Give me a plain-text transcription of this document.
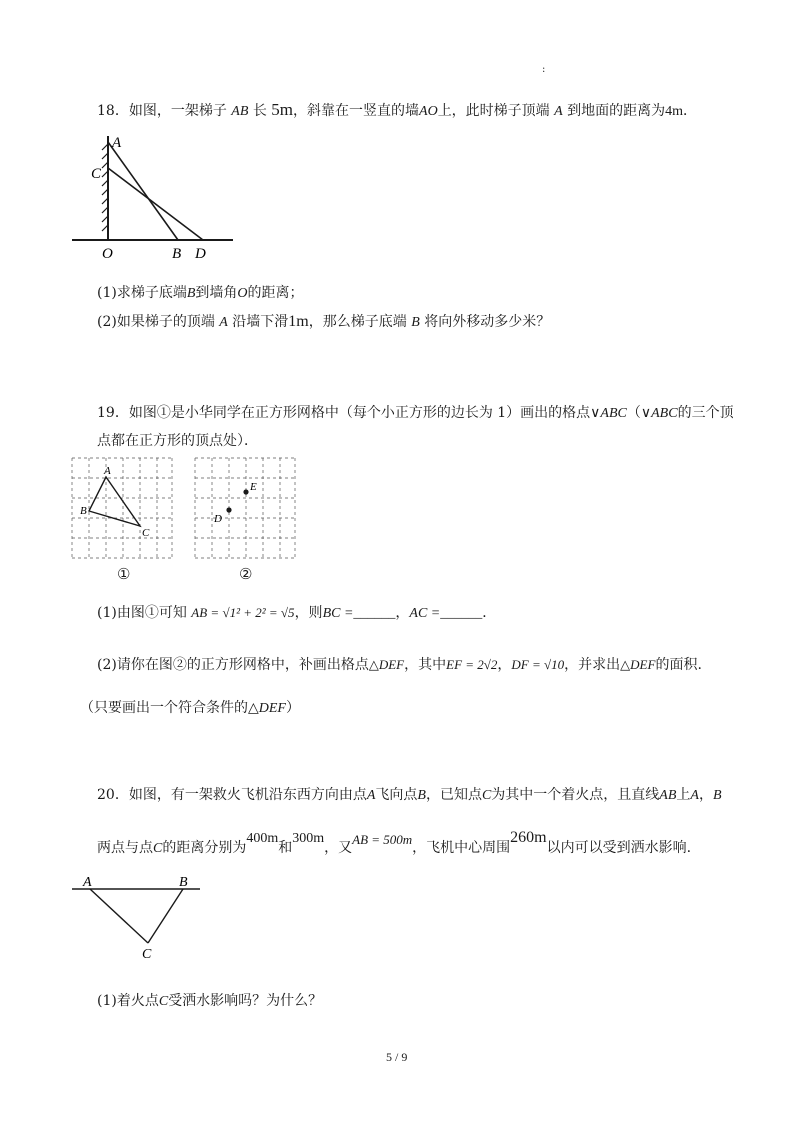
:
18．如图，一架梯子 AB 长 5m，斜靠在一竖直的墙AO上，此时梯子顶端 A 到地面的距离为4m．
A
C
O	B D
(1)求梯子底端B到墙角O的距离；
(2)如果梯子的顶端 A 沿墙下滑1m，那么梯子底端 B 将向外移动多少米？
19．如图①是小华同学在正方形网格中（每个小正方形的边长为 1）画出的格点∨ABC（∨ABC的三个顶
点都在正方形的顶点处）．
A
B
C
E
D
①	②
(1)由图①可知 AB = √1² + 2² = √5，则BC =______，AC =______．
(2)请你在图②的正方形网格中，补画出格点△DEF，其中EF = 2√2，DF = √10，并求出△DEF的面积.
（只要画出一个符合条件的△DEF）
20．如图，有一架救火飞机沿东西方向由点A飞向点B，已知点C为其中一个着火点，且直线AB上A，B
两点与点C的距离分别为400m和300m，又AB = 500m，飞机中心周围260m以内可以受到洒水影响.
A	B
C
(1)着火点C受洒水影响吗？为什么？
5 / 9
